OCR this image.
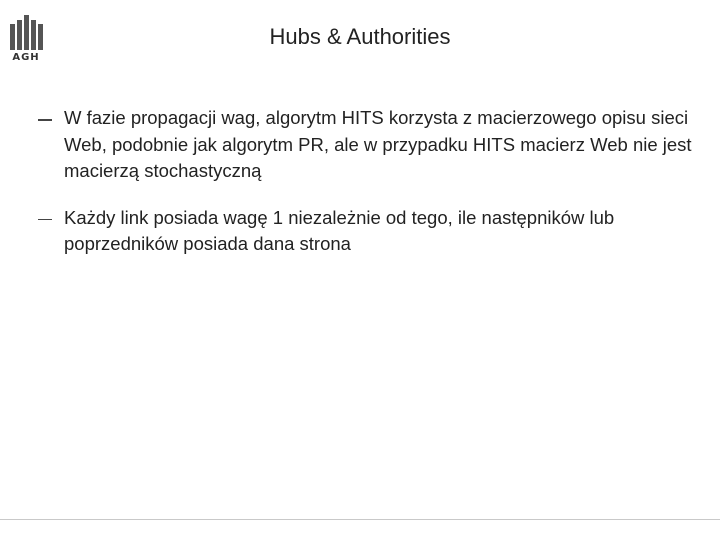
AGH
Hubs & Authorities
W fazie propagacji wag, algorytm HITS korzysta z macierzowego opisu sieci Web, podobnie jak algorytm PR, ale w przypadku HITS macierz Web nie jest macierzą stochastyczną
Każdy link posiada wagę 1 niezależnie od tego, ile następników lub poprzedników posiada dana strona
